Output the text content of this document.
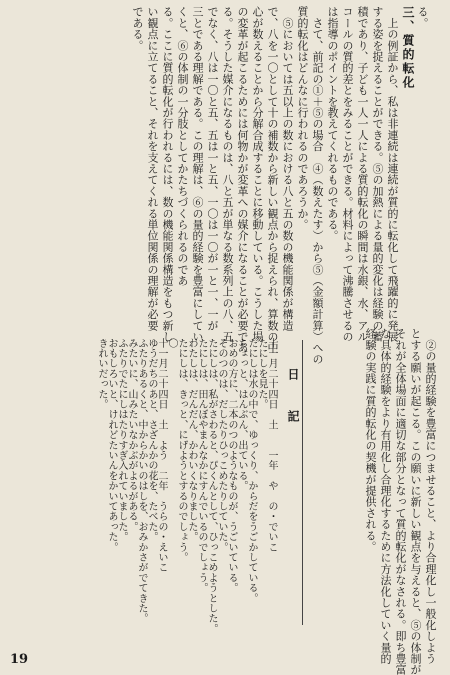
る。
三、質的転化
　上の例証から、私は非連続は連続が質的に転化して飛躍的に発展
する姿を捉えることができる。⑤の加熱による量的変化は経験の蓄
積であり、子ども一人一人による質的転化の瞬間は水銀、水、アル
コールの質的差とをみることができる。材料によって沸騰させるの
は指導のポイントを教えてくれるものである。
　さて、前記の①＋⑤の場合　④（数えたす）から⑤（金額計算）への
質的転化はどんなに行われるのであろうか。
　⑤においては五以上の数における八と五の数の機能関係が構造
で、八を一〇として十の補数から新しい観点から捉えられ、算数の中
心が数えることから分解合成することに移動している。こうした場
の変革が起こるためには何物かが変革への媒介になることが必要であ
る。そうした媒介になるものは、八と五が単なる数系列上の八、五
でなく、八は一〇と五、五は一と五、一〇は一〇が一と一、一が
三とである理解である。この理解は、⑥の量的経験を豊富にしてい
くと、⑥の体制の一分肢としてかたちづくられるのであ
る。ここに質的転化が行われるには、数の機能関係構造をもつ新し
い観点に立てること、それを支えてくれる単位関係の理解が必要
である。
　②の量的経験を豊富につませること、より合理化し一般化しよう
とする願いが起こる。この願いに新しい観点を与えると、⑤の体制が
それが全体場面に適切な部分となって質的転化がなされる。即ち豊富
な具体的経験をより有用化し合理化するために方法化していく量的
経験の実践に質的転化の契機が提供される。
日　　記
十一月二十四日　土　　一年　や　の・でいこ
たにしを見た。
たにしは水の中で、ゆっくり、からだをうごかしている。
ちょっと、はんぶん、出ている。
おめの方に、二本のつのようなものが、うごいている。
そのつのは、だしたりひっこめたりしていた。
たにしは、私がさわると、ぴくんとして、ひっこめようとした。
たにしは、田んぼやまんなかにすんでいるのでしょう。
わたしは、だんだん、かわいくなりました。
たにしは、きっと、にげようとするのでしょう。
〇
十一月二十四日　土　よう　二年　うらの・えいこ
ゆうだちのあと、さざんかの花を、たべた。
ふたりあるくと、中からかいのはしを、おみかさがでてきた。
みたいに、山みたいなかぶがよるがある。
ふたりでたにしはたりすぎ入れていました。
おもしろいと、けれどたいんをかいてあった。
きれいだった。
19
